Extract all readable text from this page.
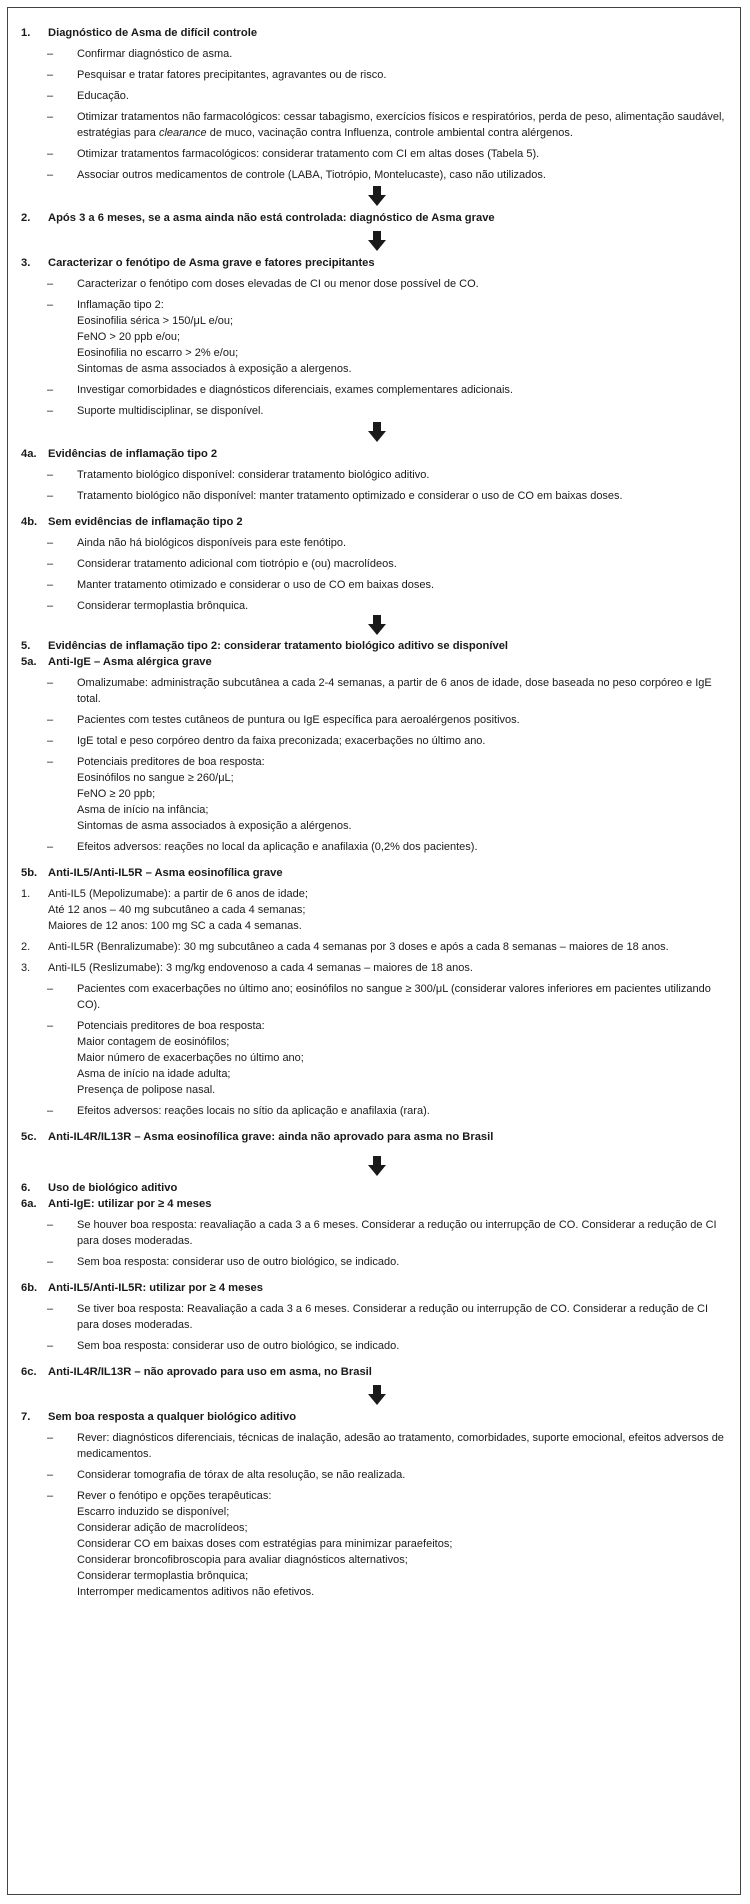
1.	Diagnóstico de Asma de difícil controle
–	Confirmar diagnóstico de asma.
–	Pesquisar e tratar fatores precipitantes, agravantes ou de risco.
–	Educação.
–	Otimizar tratamentos não farmacológicos: cessar tabagismo, exercícios físicos e respiratórios, perda de peso, alimentação saudável, estratégias para clearance de muco, vacinação contra Influenza, controle ambiental contra alérgenos.
–	Otimizar tratamentos farmacológicos: considerar tratamento com CI em altas doses (Tabela 5).
–	Associar outros medicamentos de controle (LABA, Tiotrópio, Montelucaste), caso não utilizados.
2.	Após 3 a 6 meses, se a asma ainda não está controlada: diagnóstico de Asma grave
3.	Caracterizar o fenótipo de Asma grave e fatores precipitantes
–	Caracterizar o fenótipo com doses elevadas de CI ou menor dose possível de CO.
–	Inflamação tipo 2:
Eosinofilia sérica > 150/μL e/ou;
FeNO > 20 ppb e/ou;
Eosinofilia no escarro > 2% e/ou;
Sintomas de asma associados à exposição a alergenos.
–	Investigar comorbidades e diagnósticos diferenciais, exames complementares adicionais.
–	Suporte multidisciplinar, se disponível.
4a.	Evidências de inflamação tipo 2
–	Tratamento biológico disponível: considerar tratamento biológico aditivo.
–	Tratamento biológico não disponível: manter tratamento optimizado e considerar o uso de CO em baixas doses.
4b. Sem evidências de inflamação tipo 2
–	Ainda não há biológicos disponíveis para este fenótipo.
–	Considerar tratamento adicional com tiotrópio e (ou) macrolídeos.
–	Manter tratamento otimizado e considerar o uso de CO em baixas doses.
–	Considerar termoplastia brônquica.
5.	Evidências de inflamação tipo 2: considerar tratamento biológico aditivo se disponível
5a.	Anti-IgE – Asma alérgica grave
–	Omalizumabe: administração subcutânea a cada 2-4 semanas, a partir de 6 anos de idade, dose baseada no peso corpóreo e IgE total.
–	Pacientes com testes cutâneos de puntura ou IgE específica para aeroalérgenos positivos.
–	IgE total e peso corpóreo dentro da faixa preconizada; exacerbações no último ano.
–	Potenciais preditores de boa resposta:
Eosinófilos no sangue ≥ 260/μL;
FeNO ≥ 20 ppb;
Asma de início na infância;
Sintomas de asma associados à exposição a alérgenos.
–	Efeitos adversos: reações no local da aplicação e anafilaxia (0,2% dos pacientes).
5b. Anti-IL5/Anti-IL5R – Asma eosinofílica grave
1.	Anti-IL5 (Mepolizumabe): a partir de 6 anos de idade;
Até 12 anos – 40 mg subcutâneo a cada 4 semanas;
Maiores de 12 anos: 100 mg SC a cada 4 semanas.
2.	Anti-IL5R (Benralizumabe): 30 mg subcutâneo a cada 4 semanas por 3 doses e após a cada 8 semanas – maiores de 18 anos.
3.	Anti-IL5 (Reslizumabe): 3 mg/kg endovenoso a cada 4 semanas – maiores de 18 anos.
–	Pacientes com exacerbações no último ano; eosinófilos no sangue ≥ 300/μL (considerar valores inferiores em pacientes utilizando CO).
–	Potenciais preditores de boa resposta:
Maior contagem de eosinófilos;
Maior número de exacerbações no último ano;
Asma de início na idade adulta;
Presença de polipose nasal.
–	Efeitos adversos: reações locais no sítio da aplicação e anafilaxia (rara).
5c.	Anti-IL4R/IL13R – Asma eosinofílica grave: ainda não aprovado para asma no Brasil
6.	Uso de biológico aditivo
6a.	Anti-IgE: utilizar por ≥ 4 meses
–	Se houver boa resposta: reavaliação a cada 3 a 6 meses. Considerar a redução ou interrupção de CO. Considerar a redução de CI para doses moderadas.
–	Sem boa resposta: considerar uso de outro biológico, se indicado.
6b. Anti-IL5/Anti-IL5R: utilizar por ≥ 4 meses
–	Se tiver boa resposta: Reavaliação a cada 3 a 6 meses. Considerar a redução ou interrupção de CO. Considerar a redução de CI para doses moderadas.
–	Sem boa resposta: considerar uso de outro biológico, se indicado.
6c.	Anti-IL4R/IL13R – não aprovado para uso em asma, no Brasil
7.	Sem boa resposta a qualquer biológico aditivo
–	Rever: diagnósticos diferenciais, técnicas de inalação, adesão ao tratamento, comorbidades, suporte emocional, efeitos adversos de medicamentos.
–	Considerar tomografia de tórax de alta resolução, se não realizada.
–	Rever o fenótipo e opções terapêuticas:
Escarro induzido se disponível;
Considerar adição de macrolídeos;
Considerar CO em baixas doses com estratégias para minimizar paraefeitos;
Considerar broncofibroscopia para avaliar diagnósticos alternativos;
Considerar termoplastia brônquica;
Interromper medicamentos aditivos não efetivos.
